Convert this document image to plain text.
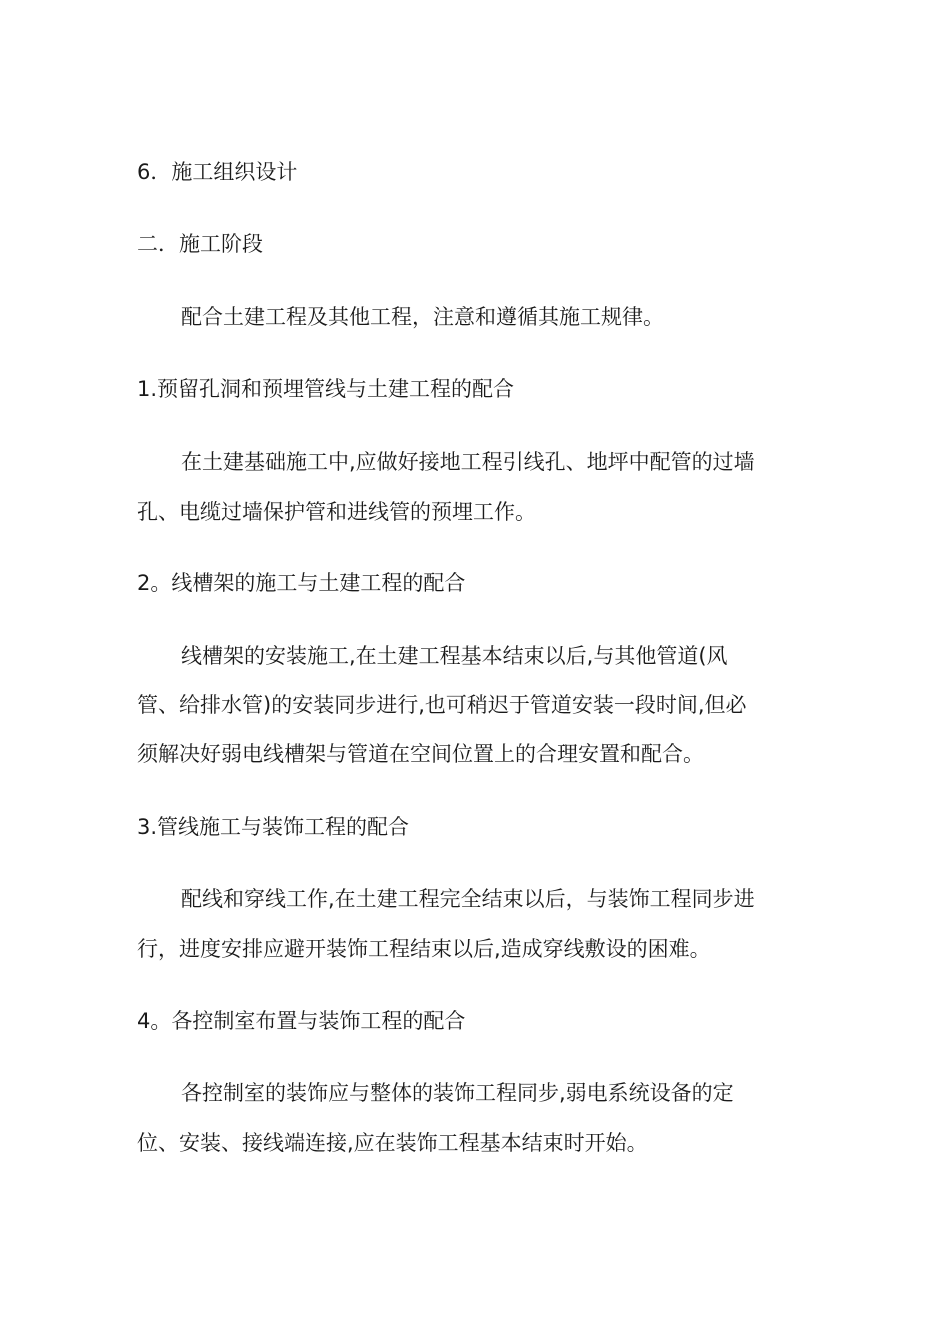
6．施工组织设计
二．施工阶段
配合土建工程及其他工程，注意和遵循其施工规律。
1.预留孔洞和预埋管线与土建工程的配合
在土建基础施工中,应做好接地工程引线孔、地坪中配管的过墙
孔、电缆过墙保护管和进线管的预埋工作。
2。线槽架的施工与土建工程的配合
线槽架的安装施工,在土建工程基本结束以后,与其他管道(风
管、给排水管)的安装同步进行,也可稍迟于管道安装一段时间,但必
须解决好弱电线槽架与管道在空间位置上的合理安置和配合。
3.管线施工与装饰工程的配合
配线和穿线工作,在土建工程完全结束以后，与装饰工程同步进
行，进度安排应避开装饰工程结束以后,造成穿线敷设的困难。
4。各控制室布置与装饰工程的配合
各控制室的装饰应与整体的装饰工程同步,弱电系统设备的定
位、安装、接线端连接,应在装饰工程基本结束时开始。
